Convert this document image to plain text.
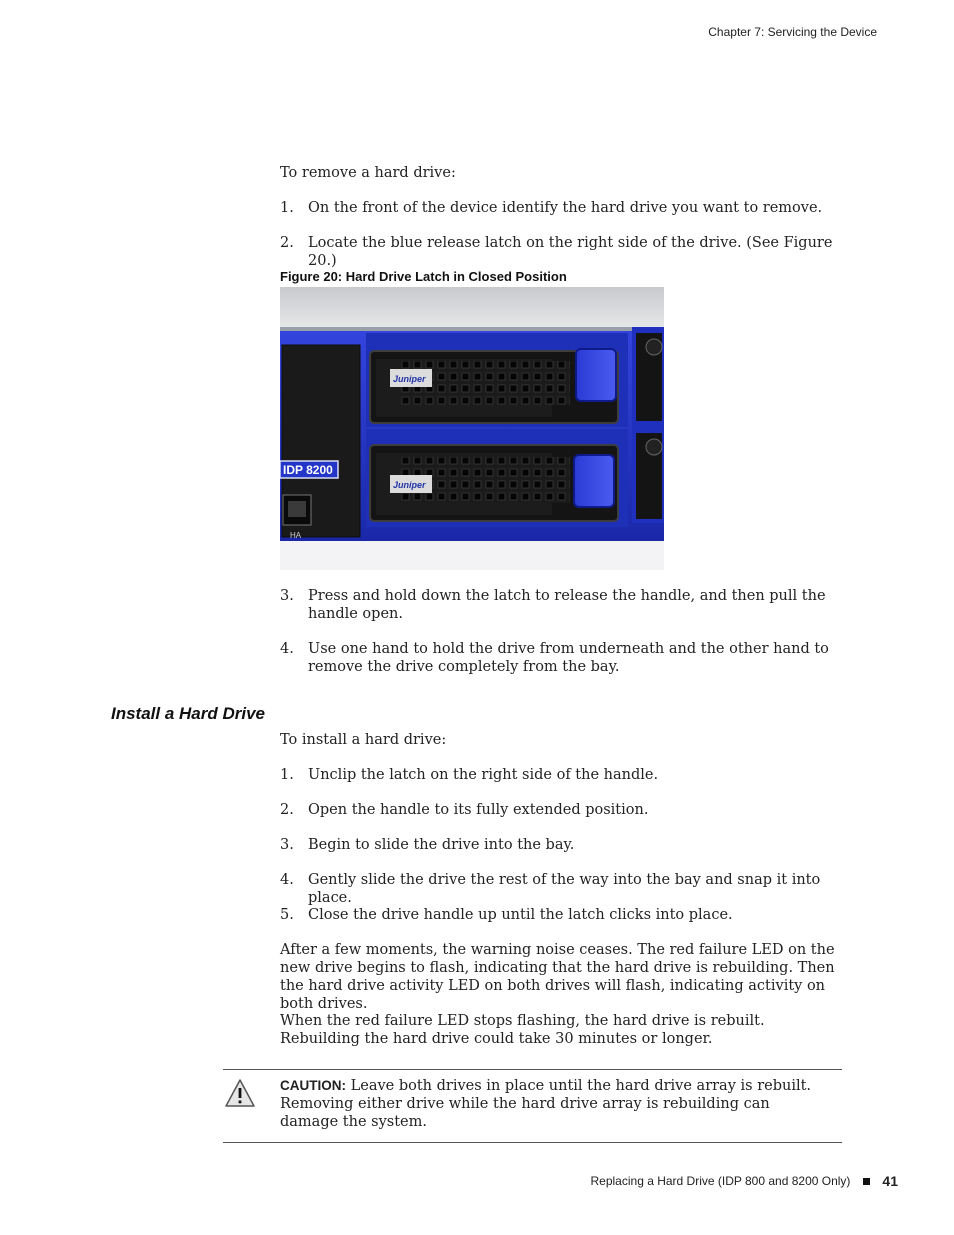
Chapter 7: Servicing the Device
To remove a hard drive:
1. On the front of the device identify the hard drive you want to remove.
2. Locate the blue release latch on the right side of the drive. (See Figure 20.)
Figure 20: Hard Drive Latch in Closed Position
IDP 8200
HA
Juniper
Juniper
3. Press and hold down the latch to release the handle, and then pull the handle open.
4. Use one hand to hold the drive from underneath and the other hand to remove the drive completely from the bay.
Install a Hard Drive
To install a hard drive:
1. Unclip the latch on the right side of the handle.
2. Open the handle to its fully extended position.
3. Begin to slide the drive into the bay.
4. Gently slide the drive the rest of the way into the bay and snap it into place.
5. Close the drive handle up until the latch clicks into place.
After a few moments, the warning noise ceases. The red failure LED on the new drive begins to flash, indicating that the hard drive is rebuilding. Then the hard drive activity LED on both drives will flash, indicating activity on both drives.
When the red failure LED stops flashing, the hard drive is rebuilt. Rebuilding the hard drive could take 30 minutes or longer.
CAUTION: Leave both drives in place until the hard drive array is rebuilt. Removing either drive while the hard drive array is rebuilding can damage the system.
Replacing a Hard Drive (IDP 800 and 8200 Only) 41
